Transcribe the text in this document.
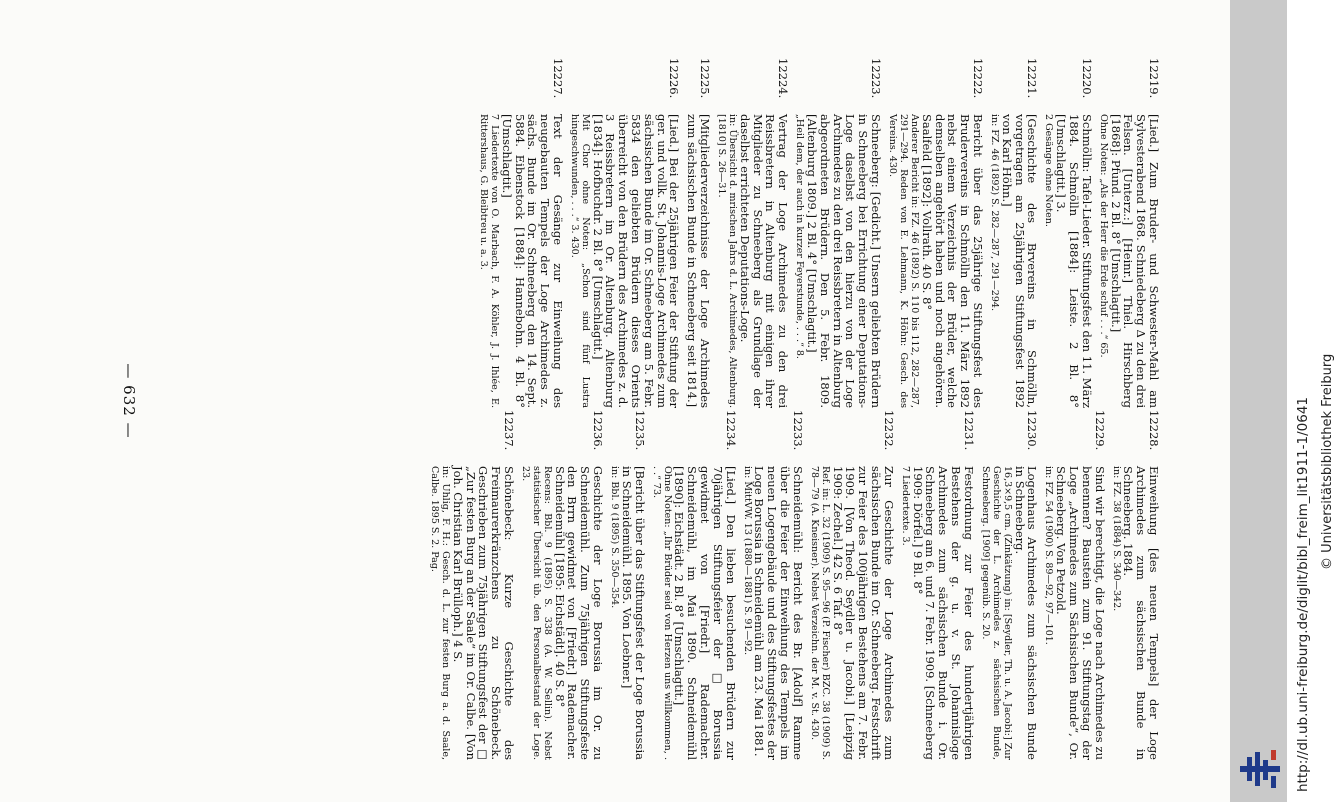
— 632 —
12219.
[Lied.] Zum Bruder- und Schwester-Mahl am Sylvesterabend 1868. Schniedeberg Δ zu den drei Felsen. [Unterz.:] [Heinr.] Thiel. Hirschberg [1868]: Pfund. 2 Bl. 8° [Umschlagtit.]
Ohne Noten: „Als der Herr die Erde schuf . . .“ 65.
12220.
Schmölln: Tafel-Lieder. Stiftungsfest den 11. März 1884. Schmölln [1884]: Leiste. 2 Bl. 8° [Umschlagtit.] 3.
2 Gesänge ohne Noten.
12221.
[Geschichte des Brvereins in Schmölln, vorgetragen am 25jährigen Stiftungsfest 1892 von Karl Höhn.]
in: FZ. 46 (1892) S. 282—287, 291—294.
12222.
Bericht über das 25jährige Stiftungsfest des Brudervereins in Schmölln den 11. März 1892 nebst einem Verzeichnis der Brüder, welche demselben angehört haben und noch angehören. Saalfeld [1892]: Vollrath. 40 S. 8°
Anderer Bericht in: FZ. 46 (1892) S. 110 bis 112, 282—287, 291—294. Reden von E. Lehmann, K. Höhn: Gesch. des Vereins. 430.
12223.
Schneeberg: [Gedicht.] Unsern geliebten Brüdern in Schneeberg bei Errichtung einer Deputations-Loge daselbst von den hierzu von der Loge Archimedes zu den drei Reissbretern in Altenburg abgeordneten Brüdern. Den 5. Febr. 1809. [Altenburg 1809.] 2 Bl. 4° [Umschlagtit.]
„Heil dem, der auch in kurzer Feyerstunde, . . .“ 8.
12224.
Vertrag der Loge Archimedes zu den drei Reissbretern in Altenburg mit einigen ihrer Mitglieder zu Schneeberg als Grundlage der daselbst errichteten Deputations-Loge.
in: Übersicht d. mrischen Jahrs d. L. Archimedes, Altenburg. [1810] S. 26—31.
12225.
[Mitgliederverzeichnisse der Loge Archimedes zum sächsischen Bunde in Schneeberg seit 1814.]
12226.
[Lied.] Bei der 25jährigen Feier der Stiftung der ger. und vollk. St. Johannis-Loge Archimedes zum sächsischen Bunde im Or. Schneeberg am 5. Febr. 5834 den geliebten Brüdern dieses Orients überreicht von den Brüdern des Archimedes z. d. 3 Reissbretern im Or. Altenburg. Altenburg [1834]: Hofbuchdr. 2 Bl. 8° [Umschlagtit.]
Mit Chor ohne Noten: „Schon sind fünf Lustra hingeschwunden, . . .“ 3. 430.
12227.
Text der Gesänge zur Einweihung des neugebauten Tempels der Loge Archimedes z. sächs. Bunde im Or. Schneeberg den 14. Sept. 5884. Eibenstock [1884]: Hannebohn. 4 Bl. 8° [Umschlagtit.]
7 Liedertexte von O. Marbach, F. A. Köhler, J. J. Ihlée, E. Rittershaus, G. Bleibtreu u. a. 3.
12228.
Einweihung [des neuen Tempels] der Loge Archimedes zum sächsischen Bunde in Schneeberg. 1884.
in: FZ. 38 (1884) S. 340—342.
12229.
Sind wir berechtigt, die Loge nach Archimedes zu benennen? Baustein zum 91. Stiftungstag der Loge „Archimedes zum Sächsischen Bunde“, Or. Schneeberg. Von Petzold.
in: FZ. 54 (1900) S. 89—92, 97—101.
12230.
Logenhaus Archimedes zum sächsischen Bunde in Schneeberg.
16,3×9,5 cm. (Zinkätzung) in: [Seydler, Th. u. A. Jacobi:] Zur Geschichte der L. Archimedes z. sächsischen Bunde, Schneeberg. [1909] gegenüb. S. 20.
12231.
Festordnung zur Feier des hundertjährigen Bestehens der g. u. v. St. Johannisloge Archimedes zum sächsischen Bunde i. Or. Schneeberg am 6. und 7. Febr. 1909. [Schneeberg 1909: Dörfel.] 9 Bl. 8°
7 Liedertexte. 3.
12232.
Zur Geschichte der Loge Archimedes zum sächsischen Bunde im Or. Schneeberg. Festschrift zur Feier des 100jährigen Bestehens am 7. Febr. 1909. [Von Theod. Seydler u. Jacobi.] [Leipzig 1909: Zechel.] 42 S. 6 Taf. 8°
Ref. in: L. 32 (1909) S. 95—96 (P. Fischer) BZC. 38 (1909) S. 78—79 (A. Kneisner). Nebst Verzeichn. der M. v. St. 430.
12233.
Schneidemühl: Bericht des Br. [Adolf] Ramme über die Feier der Einweihung des Tempels im neuen Logengebäude und des Stiftungsfestes der Loge Borussia in Schneidemühl am 23. Mai 1881.
in: MittVW. 13 (1880—1881) S. 91—92.
12234.
[Lied.] Den lieben besuchenden Brüdern zur 70jährigen Stiftungsfeier der □ Borussia gewidmet von [Friedr.] Rademacher. Schneidemühl, im Mai 1890. Schneidemühl [1890]: Eichstädt. 2 Bl. 8° [Umschlagtit.]
Ohne Noten: „Ihr Brüder seid von Herzen uns willkommen, . . .“ 73.
12235.
[Bericht über das Stiftungsfest der Loge Borussia in Schneidemühl. 1895. Von Loebner.]
in: Bbl. 9 (1895) S. 350—354.
12236.
Geschichte der Loge Borussia im Or. zu Schneidemühl. Zum 75jährigen Stiftungsfeste den Brrn gewidmet von [Friedr.] Rademacher. Schneidemühl [1895: Eichstädt]. 40 S. 8°
Recens: Bbl. 9 (1895) S. 338 (A. W. Sellin). Nebst statistischer Übersicht üb. den Personalbestand der Loge. 23.
12237.
Schönebeck: Kurze Geschichte des Freimaurerkränzchens zu Schönebeck. Geschrieben zum 75jährigen Stiftungsfest der □ „Zur festen Burg an der Saale“ im Or. Calbe. [Von Joh. Christian Karl Brülloph.] 4 S.
in: Uhlig, F. H.: Gesch. d. L. zur festen Burg a. d. Saale, Calbe. 1895 S. 2. Pag.	http://dl.ub.uni-freiburg.de/diglit/bibl_freim_lit1911-1/0641 © Universitätsbibliothek Freiburg
